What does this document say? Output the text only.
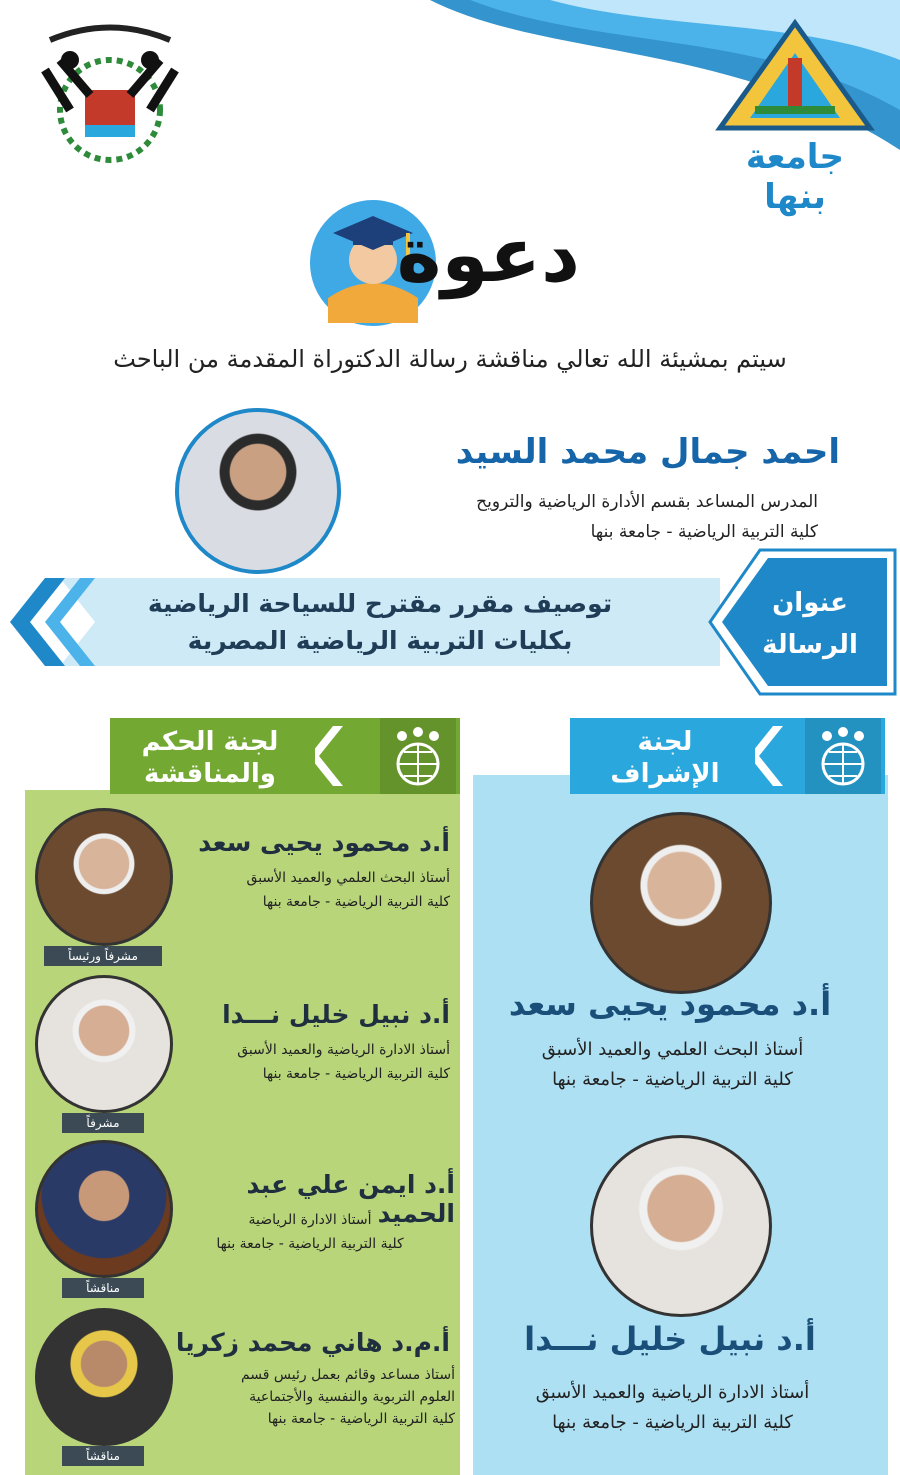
جامعة بنها
دعوة
سيتم بمشيئة الله تعالي مناقشة رسالة الدكتوراة المقدمة من الباحث
احمد جمال محمد السيد
المدرس المساعد بقسم الأدارة الرياضية والترويح
كلية التربية الرياضية - جامعة بنها
عنوان
الرسالة
توصيف مقرر مقترح للسياحة الرياضية
بكليات التربية الرياضية المصرية
لجنة الحكم
والمناقشة
لجنة
الإشراف
مشرفاً ورئيساً
أ.د محمود يحيى سعد
أستاذ البحث العلمي والعميد الأسبق
كلية التربية الرياضية - جامعة بنها
مشرفاً
أ.د نبيل خليل نـــدا
أستاذ الادارة الرياضية والعميد الأسبق
كلية التربية الرياضية - جامعة بنها
مناقشاً
أ.د ايمن علي عبد الحميد
أستاذ الادارة الرياضية
كلية التربية الرياضية - جامعة بنها
مناقشاً
أ.م.د هاني محمد زكريا
أستاذ مساعد وقائم بعمل رئيس قسم
العلوم التربوية والنفسية والأجتماعية
كلية التربية الرياضية - جامعة بنها
أ.د محمود يحيى سعد
أستاذ البحث العلمي والعميد الأسبق
كلية التربية الرياضية - جامعة بنها
أ.د نبيل خليل نـــدا
أستاذ الادارة الرياضية والعميد الأسبق
كلية التربية الرياضية - جامعة بنها
